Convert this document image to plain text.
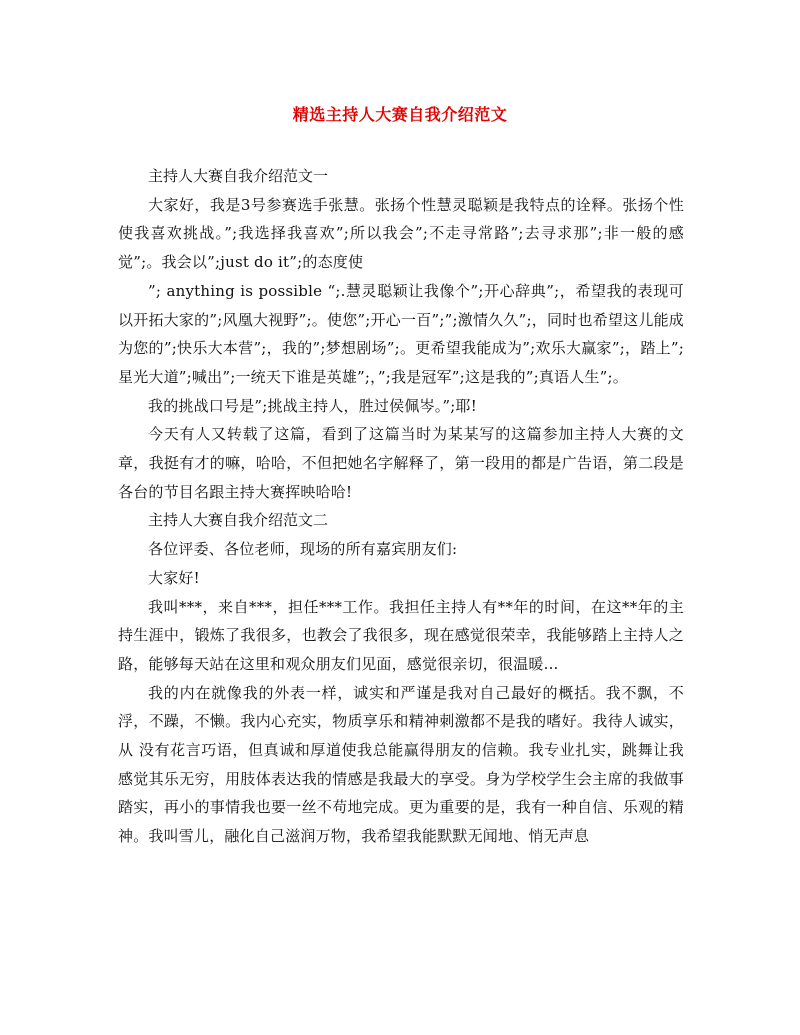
精选主持人大赛自我介绍范文

主持人大赛自我介绍范文一

大家好，我是3号参赛选手张慧。张扬个性慧灵聪颖是我特点的诠释。张扬个性使我喜欢挑战。”;我选择我喜欢”;所以我会”;不走寻常路”;去寻求那”;非一般的感觉”;。我会以”;just do it”;的态度使

”; anything is possible “;.慧灵聪颖让我像个”;开心辞典”;，希望我的表现可以开拓大家的”;风凰大视野”;。使您”;开心一百”;”;激情久久”;，同时也希望这儿能成为您的”;快乐大本营”;，我的”;梦想剧场”;。更希望我能成为”;欢乐大赢家”;，踏上”;星光大道”;喊出”;一统天下谁是英雄”;，”;我是冠军”;这是我的”;真语人生”;。

我的挑战口号是”;挑战主持人，胜过侯佩岑。”;耶!

今天有人又转载了这篇，看到了这篇当时为某某写的这篇参加主持人大赛的文章，我挺有才的嘛，哈哈，不但把她名字解释了，第一段用的都是广告语，第二段是各台的节目名跟主持大赛挥映哈哈!

主持人大赛自我介绍范文二

各位评委、各位老师，现场的所有嘉宾朋友们:

大家好!

我叫***，来自***，担任***工作。我担任主持人有**年的时间，在这**年的主持生涯中，锻炼了我很多，也教会了我很多，现在感觉很荣幸，我能够踏上主持人之路，能够每天站在这里和观众朋友们见面，感觉很亲切，很温暖...

我的内在就像我的外表一样，诚实和严谨是我对自己最好的概括。我不飘，不浮，不躁，不懒。我内心充实，物质享乐和精神刺激都不是我的嗜好。我待人诚实，从 没有花言巧语，但真诚和厚道使我总能赢得朋友的信赖。我专业扎实，跳舞让我感觉其乐无穷，用肢体表达我的情感是我最大的享受。身为学校学生会主席的我做事 踏实，再小的事情我也要一丝不苟地完成。更为重要的是，我有一种自信、乐观的精神。我叫雪儿，融化自己滋润万物，我希望我能默默无闻地、悄无声息
